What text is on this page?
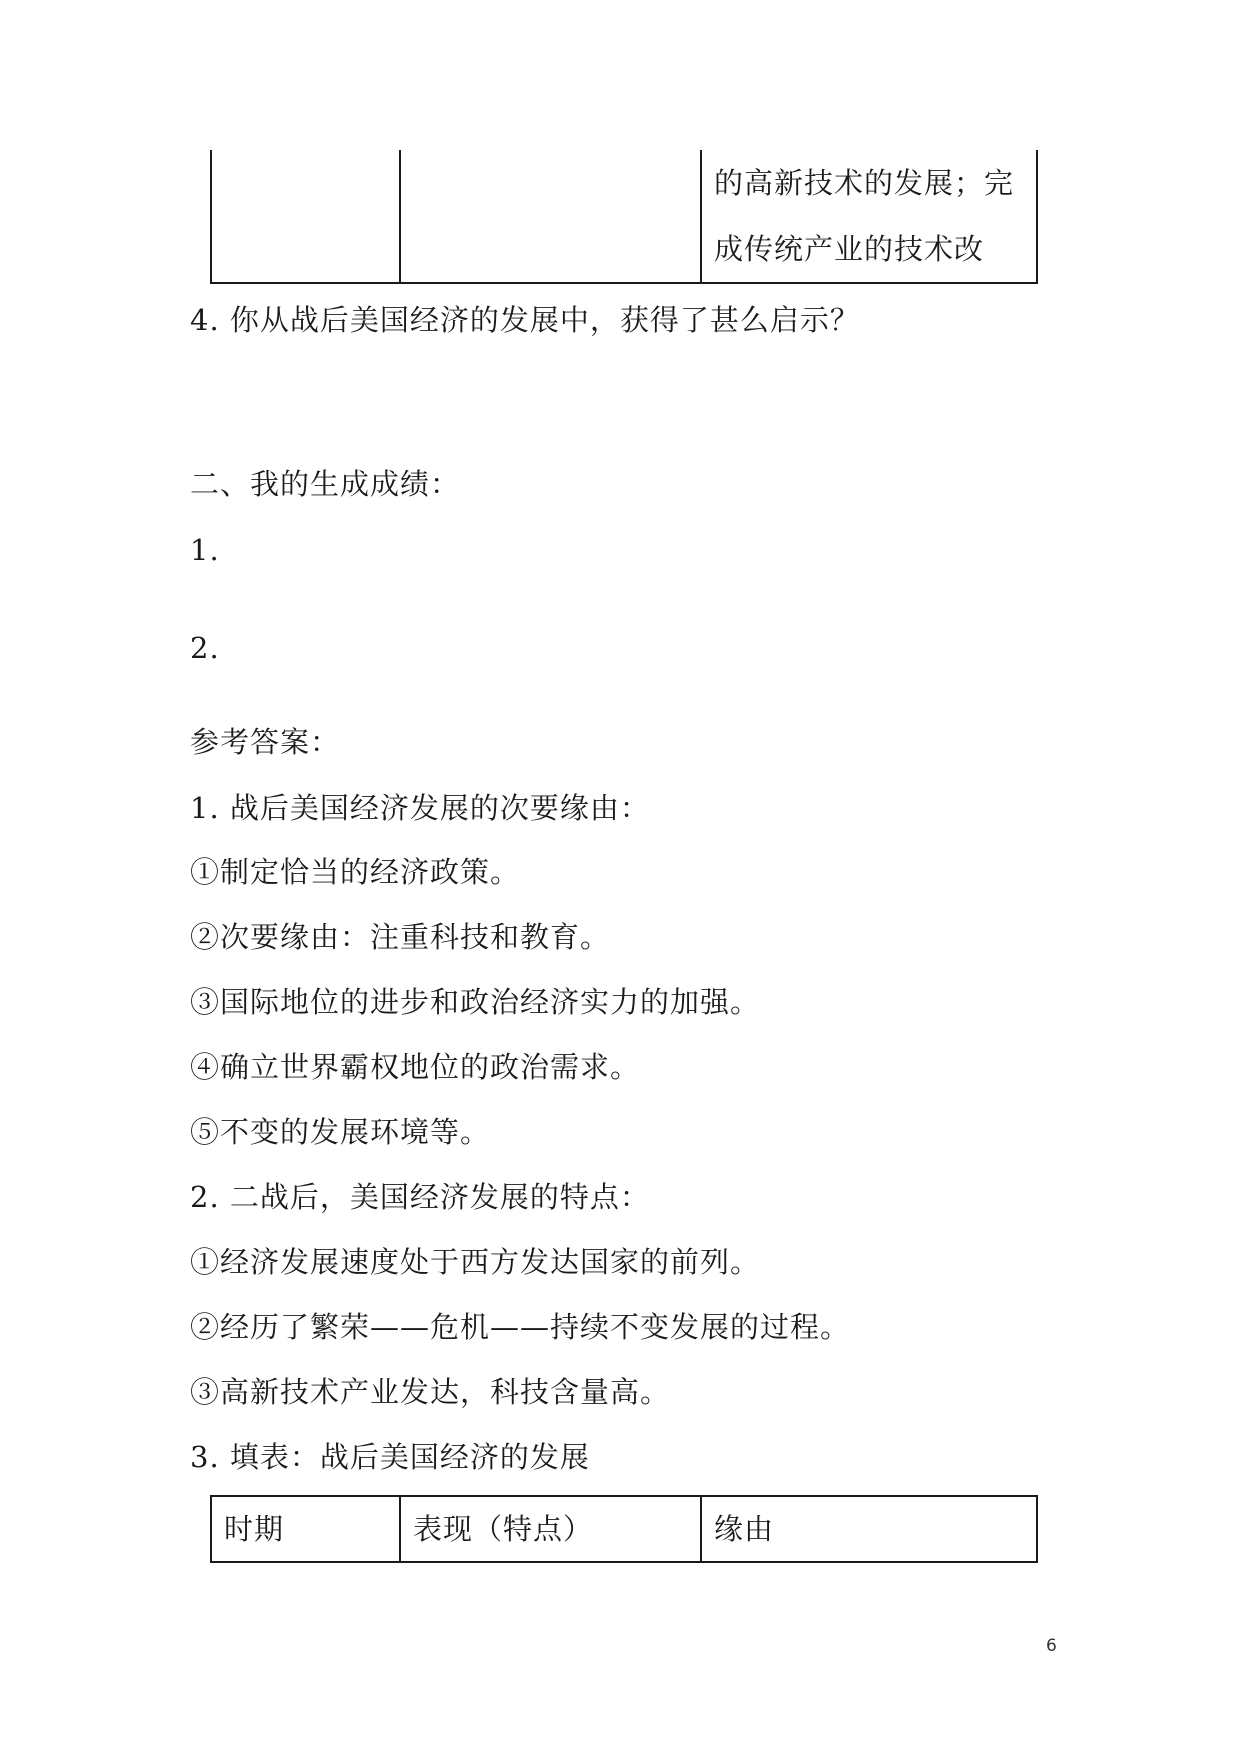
的高新技术的发展；完
成传统产业的技术改
4. 你从战后美国经济的发展中，获得了甚么启示？
二、我的生成成绩：
1.
2.
参考答案：
1. 战后美国经济发展的次要缘由：
①制定恰当的经济政策。
②次要缘由：注重科技和教育。
③国际地位的进步和政治经济实力的加强。
④确立世界霸权地位的政治需求。
⑤不变的发展环境等。
2. 二战后，美国经济发展的特点：
①经济发展速度处于西方发达国家的前列。
②经历了繁荣——危机——持续不变发展的过程。
③高新技术产业发达，科技含量高。
3. 填表：战后美国经济的发展
时期	表现（特点）	缘由
6
